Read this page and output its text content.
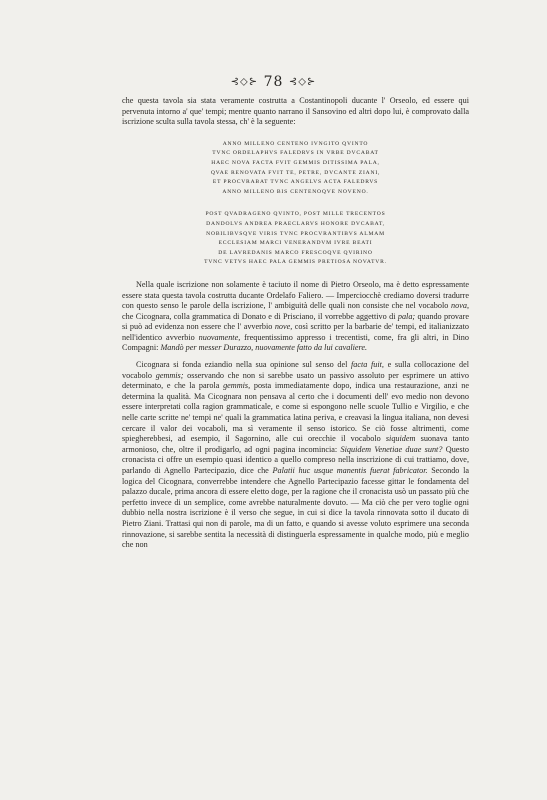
⊰◇⊱ 78 ⊰◇⊱

che questa tavola sia stata veramente costrutta a Costantinopoli ducante l' Orseolo, ed essere qui pervenuta intorno a' que' tempi; mentre quanto narrano il Sansovino ed altri dopo lui, è comprovato dalla iscrizione sculta sulla tavola stessa, ch' è la seguente:

ANNO MILLENO CENTENO IVNGITO QVINTO
TVNC ORDELAPHVS FALEDRVS IN VRBE DVCABAT
HAEC NOVA FACTA FVIT GEMMIS DITISSIMA PALA,
QVAE RENOVATA FVIT TE, PETRE, DVCANTE ZIANI,
ET PROCVRABAT TVNC ANGELVS ACTA FALEDRVS
ANNO MILLENO BIS CENTENOQVE NOVENO.
POST QVADRAGENO QVINTO, POST MILLE TRECENTOS
DANDOLVS ANDREA PRAECLARVS HONORE DVCABAT,
NOBILIBVSQVE VIRIS TVNC PROCVRANTIBVS ALMAM
ECCLESIAM MARCI VENERANDVM IVRE BEATI
DE LAVREDANIS MARCO FRESCOQVE QVIRINO
TVNC VETVS HAEC PALA GEMMIS PRETIOSA NOVATVR.

Nella quale iscrizione non solamente è taciuto il nome di Pietro Orseolo, ma è detto espressamente essere stata questa tavola costrutta ducante Ordelafo Faliero. — Imperciocchè crediamo doversi tradurre con questo senso le parole della iscrizione, l' ambiguità delle quali non consiste che nel vocabolo nova, che Cicognara, colla grammatica di Donato e di Prisciano, il vorrebbe aggettivo di pala; quando provare si può ad evidenza non essere che l' avverbio nove, così scritto per la barbarie de' tempi, ed italianizzato nell'identico avverbio nuovamente, frequentissimo appresso i trecentisti, come, fra gli altri, in Dino Compagni: Mandò per messer Durazzo, nuovamente fatto da lui cavaliere.

Cicognara si fonda eziandio nella sua opinione sul senso del facta fuit, e sulla collocazione del vocabolo gemmis; osservando che non si sarebbe usato un passivo assoluto per esprimere un attivo determinato, e che la parola gemmis, posta immediatamente dopo, indica una restaurazione, anzi ne determina la qualità. Ma Cicognara non pensava al certo che i documenti dell' evo medio non devono essere interpretati colla ragion grammaticale, e come si espongono nelle scuole Tullio e Virgilio, e che nelle carte scritte ne' tempi ne' quali la grammatica latina periva, e creavasi la lingua italiana, non devesi cercare il valor dei vocaboli, ma sì veramente il senso istorico. Se ciò fosse altrimenti, come spiegherebbesi, ad esempio, il Sagornino, alle cui orecchie il vocabolo siquidem suonava tanto armonioso, che, oltre il prodigarlo, ad ogni pagina incomincia: Siquidem Venetiae duae sunt? Questo cronacista ci offre un esempio quasi identico a quello compreso nella inscrizione di cui trattiamo, dove, parlando di Agnello Partecipazio, dice che Palatii huc usque manentis fuerat fabricator. Secondo la logica del Cicognara, converrebbe intendere che Agnello Partecipazio facesse gittar le fondamenta del palazzo ducale, prima ancora di essere eletto doge, per la ragione che il cronacista usò un passato più che perfetto invece di un semplice, come avrebbe naturalmente dovuto. — Ma ciò che per vero toglie ogni dubbio nella nostra iscrizione è il verso che segue, in cui si dice la tavola rinnovata sotto il ducato di Pietro Ziani. Trattasi qui non di parole, ma di un fatto, e quando si avesse voluto esprimere una seconda rinnovazione, si sarebbe sentita la necessità di distinguerla espressamente in qualche modo, più e meglio che non
